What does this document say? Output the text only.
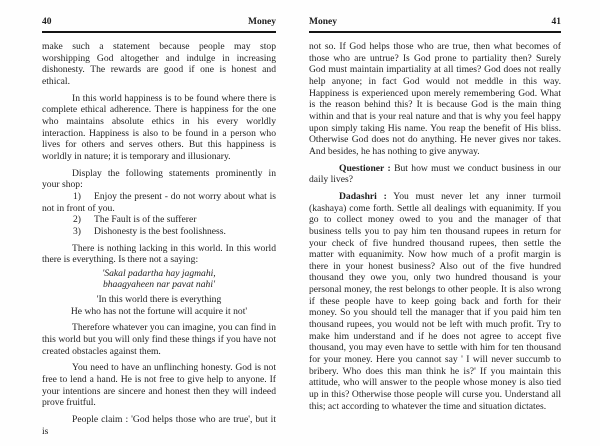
40	Money

make such a statement because people may stop worshipping God altogether and indulge in increasing dishonesty. The rewards are good if one is honest and ethical.

In this world happiness is to be found where there is complete ethical adherence. There is happiness for the one who maintains absolute ethics in his every worldly interaction. Happiness is also to be found in a person who lives for others and serves others. But this happiness is worldly in nature; it is temporary and illusionary.

Display the following statements prominently in your shop:

1) Enjoy the present - do not worry about what is not in front of you.

2) The Fault is of the sufferer

3) Dishonesty is the best foolishness.

There is nothing lacking in this world. In this world there is everything. Is there not a saying:

'Sakal padartha hay jagmahi,

bhaagyaheen nar pavat nahi'

'In this world there is everything

He who has not the fortune will acquire it not'

Therefore whatever you can imagine, you can find in this world but you will only find these things if you have not created obstacles against them.

You need to have an unflinching honesty. God is not free to lend a hand. He is not free to give help to anyone. If your intentions are sincere and honest then they will indeed prove fruitful.

People claim : 'God helps those who are true', but it is

Money	41

not so. If God helps those who are true, then what becomes of those who are untrue? Is God prone to partiality then? Surely God must maintain impartiality at all times? God does not really help anyone; in fact God would not meddle in this way. Happiness is experienced upon merely remembering God. What is the reason behind this? It is because God is the main thing within and that is your real nature and that is why you feel happy upon simply taking His name. You reap the benefit of His bliss. Otherwise God does not do anything. He never gives nor takes. And besides, he has nothing to give anyway.

Questioner : But how must we conduct business in our daily lives?

Dadashri : You must never let any inner turmoil (kashaya) come forth. Settle all dealings with equanimity. If you go to collect money owed to you and the manager of that business tells you to pay him ten thousand rupees in return for your check of five hundred thousand rupees, then settle the matter with equanimity. Now how much of a profit margin is there in your honest business? Also out of the five hundred thousand they owe you, only two hundred thousand is your personal money, the rest belongs to other people. It is also wrong if these people have to keep going back and forth for their money. So you should tell the manager that if you paid him ten thousand rupees, you would not be left with much profit. Try to make him understand and if he does not agree to accept five thousand, you may even have to settle with him for ten thousand for your money. Here you cannot say ' I will never succumb to bribery. Who does this man think he is?' If you maintain this attitude, who will answer to the people whose money is also tied up in this? Otherwise those people will curse you. Understand all this; act according to whatever the time and situation dictates.
